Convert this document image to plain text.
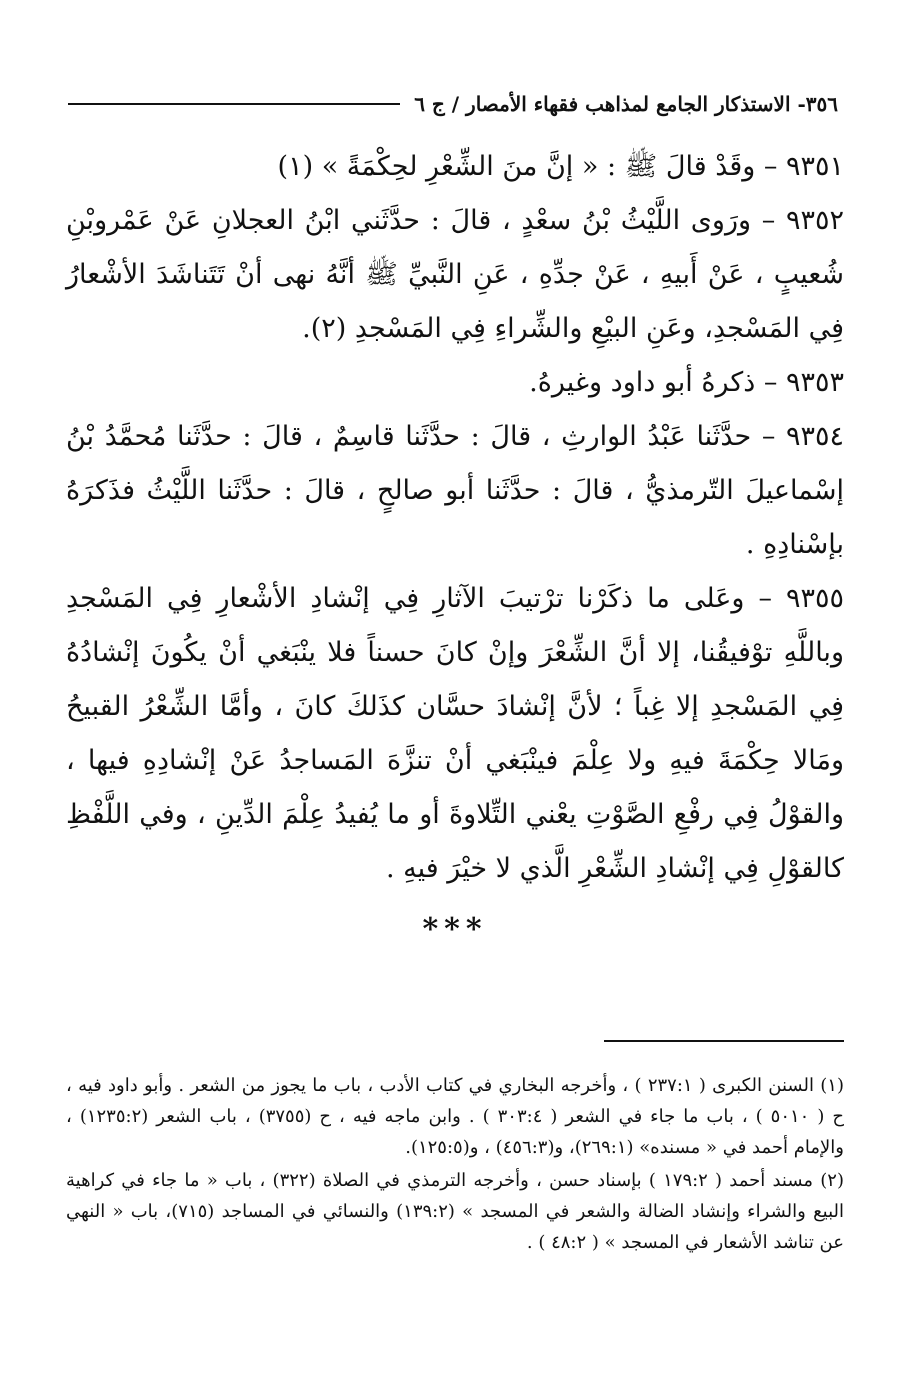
٣٥٦- الاستذكار الجامع لمذاهب فقهاء الأمصار / ج ٦

٩٣٥١ – وقَدْ قالَ ﷺ : « إنَّ منَ الشِّعْرِ لحِكْمَةً » (١)

٩٣٥٢ – ورَوى اللَّيْثُ بْنُ سعْدٍ ، قالَ : حدَّثَني ابْنُ العجلانِ عَنْ عَمْروبْنِ شُعيبٍ ، عَنْ أَبيهِ ، عَنْ جدِّهِ ، عَنِ النَّبيِّ ﷺ أنَّهُ نهى أنْ تَتَناشَدَ الأشْعارُ فِي المَسْجدِ، وعَنِ البيْعِ والشِّراءِ فِي المَسْجدِ (٢).

٩٣٥٣ – ذكرهُ أبو داود وغيرهُ.

٩٣٥٤ – حدَّثَنا عَبْدُ الوارثِ ، قالَ : حدَّثَنا قاسِمٌ ، قالَ : حدَّثَنا مُحمَّدُ بْنُ إسْماعيلَ التّرمذيُّ ، قالَ : حدَّثَنا أبو صالحٍ ، قالَ : حدَّثَنا اللَّيْثُ فذَكرَهُ بإسْنادِهِ .

٩٣٥٥ – وعَلى ما ذكَرْنا ترْتيبَ الآثارِ فِي إنْشادِ الأشْعارِ فِي المَسْجدِ وباللَّهِ توْفيقُنا، إلا أنَّ الشِّعْرَ وإنْ كانَ حسناً فلا ينْبَغي أنْ يكُونَ إنْشادُهُ فِي المَسْجدِ إلا غِباً ؛ لأنَّ إنْشادَ حسَّان كذَلكَ كانَ ، وأمَّا الشِّعْرُ القبيحُ ومَالا حِكْمَةَ فيهِ ولا عِلْمَ فينْبَغي أنْ تنزَّهَ المَساجدُ عَنْ إنْشادِهِ فيها ، والقوْلُ فِي رفْعِ الصَّوْتِ يعْني التِّلاوةَ أو ما يُفيدُ عِلْمَ الدِّينِ ، وفي اللَّفْظِ كالقوْلِ فِي إنْشادِ الشِّعْرِ الَّذي لا خيْرَ فيهِ .

***

(١) السنن الكبرى ( ٢٣٧:١ ) ، وأخرجه البخاري في كتاب الأدب ، باب ما يجوز من الشعر . وأبو داود فيه ، ح ( ٥٠١٠ ) ، باب ما جاء في الشعر ( ٣٠٣:٤ ) . وابن ماجه فيه ، ح (٣٧٥٥) ، باب الشعر (١٢٣٥:٢) ، والإمام أحمد في « مسنده» (٢٦٩:١)، و(٤٥٦:٣) ، و(١٢٥:٥).

(٢) مسند أحمد ( ١٧٩:٢ ) بإسناد حسن ، وأخرجه الترمذي في الصلاة (٣٢٢) ، باب « ما جاء في كراهية البيع والشراء وإنشاد الضالة والشعر في المسجد » (١٣٩:٢) والنسائي في المساجد (٧١٥)، باب « النهي عن تناشد الأشعار في المسجد » ( ٤٨:٢ ) .
